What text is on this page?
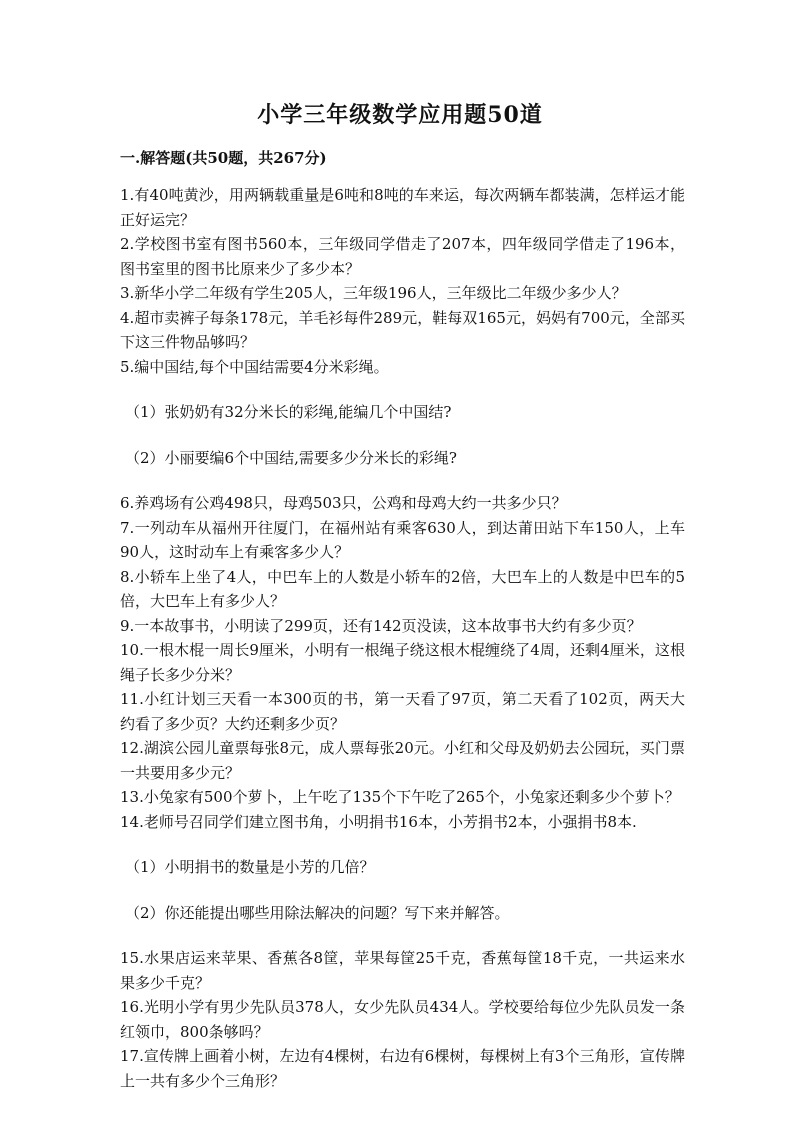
小学三年级数学应用题50道
一.解答题(共50题，共267分)

1.有40吨黄沙，用两辆载重量是6吨和8吨的车来运，每次两辆车都装满，怎样运才能正好运完？

2.学校图书室有图书560本，三年级同学借走了207本，四年级同学借走了196本，图书室里的图书比原来少了多少本？

3.新华小学二年级有学生205人，三年级196人，三年级比二年级少多少人？

4.超市卖裤子每条178元，羊毛衫每件289元，鞋每双165元，妈妈有700元，全部买下这三件物品够吗？

5.编中国结,每个中国结需要4分米彩绳。

（1）张奶奶有32分米长的彩绳,能编几个中国结?

（2）小丽要编6个中国结,需要多少分米长的彩绳?

6.养鸡场有公鸡498只，母鸡503只，公鸡和母鸡大约一共多少只？

7.一列动车从福州开往厦门，在福州站有乘客630人，到达莆田站下车150人，上车90人，这时动车上有乘客多少人？

8.小轿车上坐了4人，中巴车上的人数是小轿车的2倍，大巴车上的人数是中巴车的5倍，大巴车上有多少人？

9.一本故事书，小明读了299页，还有142页没读，这本故事书大约有多少页？

10.一根木棍一周长9厘米，小明有一根绳子绕这根木棍缠绕了4周，还剩4厘米，这根绳子长多少分米？

11.小红计划三天看一本300页的书，第一天看了97页，第二天看了102页，两天大约看了多少页？大约还剩多少页？

12.湖滨公园儿童票每张8元，成人票每张20元。小红和父母及奶奶去公园玩，买门票一共要用多少元？

13.小兔家有500个萝卜，上午吃了135个下午吃了265个，小兔家还剩多少个萝卜？

14.老师号召同学们建立图书角，小明捐书16本，小芳捐书2本，小强捐书8本.

（1）小明捐书的数量是小芳的几倍？

（2）你还能提出哪些用除法解决的问题？写下来并解答。

15.水果店运来苹果、香蕉各8筐，苹果每筐25千克，香蕉每筐18千克，一共运来水果多少千克？

16.光明小学有男少先队员378人，女少先队员434人。学校要给每位少先队员发一条红领巾，800条够吗？

17.宣传牌上画着小树，左边有4棵树，右边有6棵树，每棵树上有3个三角形，宣传牌上一共有多少个三角形？
